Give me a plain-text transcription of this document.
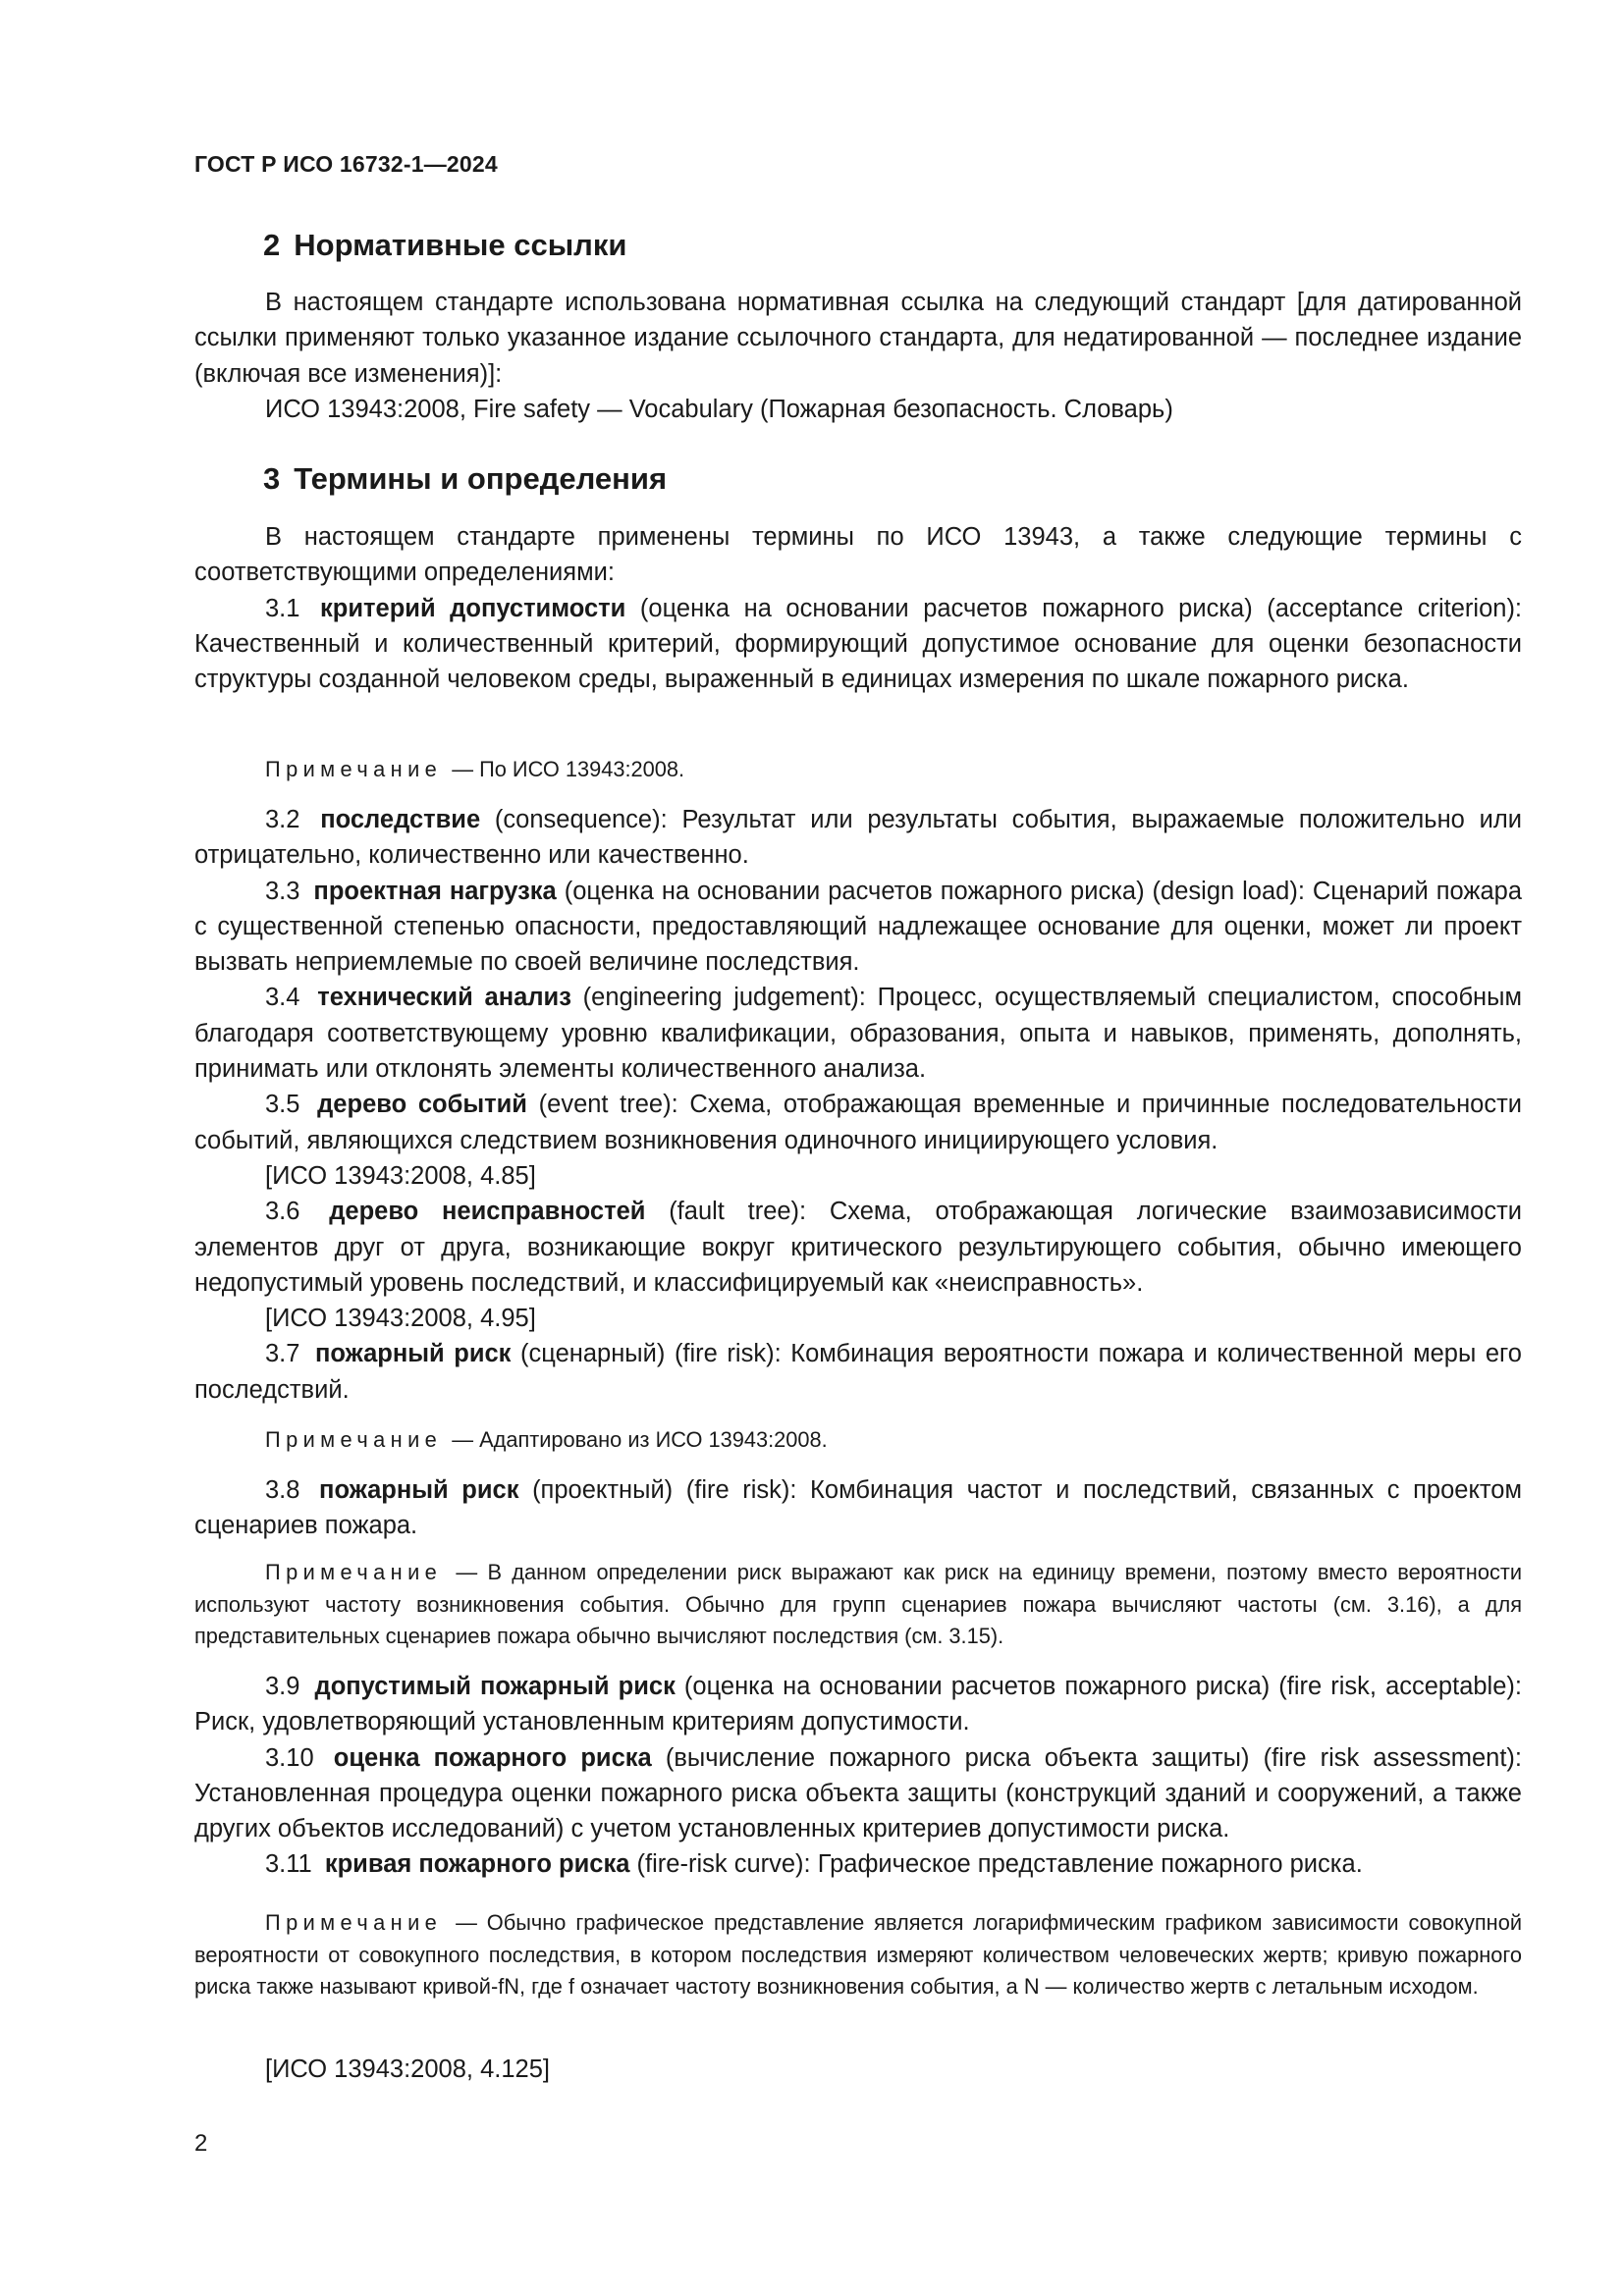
ГОСТ Р ИСО 16732-1—2024
2 Нормативные ссылки

В настоящем стандарте использована нормативная ссылка на следующий стандарт [для датированной ссылки применяют только указанное издание ссылочного стандарта, для недатированной — последнее издание (включая все изменения)]:

ИСО 13943:2008, Fire safety — Vocabulary (Пожарная безопасность. Словарь)

3 Термины и определения

В настоящем стандарте применены термины по ИСО 13943, а также следующие термины с соответствующими определениями:

3.1 критерий допустимости (оценка на основании расчетов пожарного риска) (acceptance criterion): Качественный и количественный критерий, формирующий допустимое основание для оценки безопасности структуры созданной человеком среды, выраженный в единицах измерения по шкале пожарного риска.

Примечание — По ИСО 13943:2008.

3.2 последствие (consequence): Результат или результаты события, выражаемые положительно или отрицательно, количественно или качественно.

3.3 проектная нагрузка (оценка на основании расчетов пожарного риска) (design load): Сценарий пожара с существенной степенью опасности, предоставляющий надлежащее основание для оценки, может ли проект вызвать неприемлемые по своей величине последствия.

3.4 технический анализ (engineering judgement): Процесс, осуществляемый специалистом, способным благодаря соответствующему уровню квалификации, образования, опыта и навыков, применять, дополнять, принимать или отклонять элементы количественного анализа.

3.5 дерево событий (event tree): Схема, отображающая временные и причинные последовательности событий, являющихся следствием возникновения одиночного инициирующего условия.

[ИСО 13943:2008, 4.85]

3.6 дерево неисправностей (fault tree): Схема, отображающая логические взаимозависимости элементов друг от друга, возникающие вокруг критического результирующего события, обычно имеющего недопустимый уровень последствий, и классифицируемый как «неисправность».

[ИСО 13943:2008, 4.95]

3.7 пожарный риск (сценарный) (fire risk): Комбинация вероятности пожара и количественной меры его последствий.

Примечание — Адаптировано из ИСО 13943:2008.

3.8 пожарный риск (проектный) (fire risk): Комбинация частот и последствий, связанных с проектом сценариев пожара.

Примечание — В данном определении риск выражают как риск на единицу времени, поэтому вместо вероятности используют частоту возникновения события. Обычно для групп сценариев пожара вычисляют частоты (см. 3.16), а для представительных сценариев пожара обычно вычисляют последствия (см. 3.15).

3.9 допустимый пожарный риск (оценка на основании расчетов пожарного риска) (fire risk, acceptable): Риск, удовлетворяющий установленным критериям допустимости.

3.10 оценка пожарного риска (вычисление пожарного риска объекта защиты) (fire risk assessment): Установленная процедура оценки пожарного риска объекта защиты (конструкций зданий и сооружений, а также других объектов исследований) с учетом установленных критериев допустимости риска.

3.11 кривая пожарного риска (fire-risk curve): Графическое представление пожарного риска.

Примечание — Обычно графическое представление является логарифмическим графиком зависимости совокупной вероятности от совокупного последствия, в котором последствия измеряют количеством человеческих жертв; кривую пожарного риска также называют кривой-fN, где f означает частоту возникновения события, а N — количество жертв с летальным исходом.

[ИСО 13943:2008, 4.125]
2
